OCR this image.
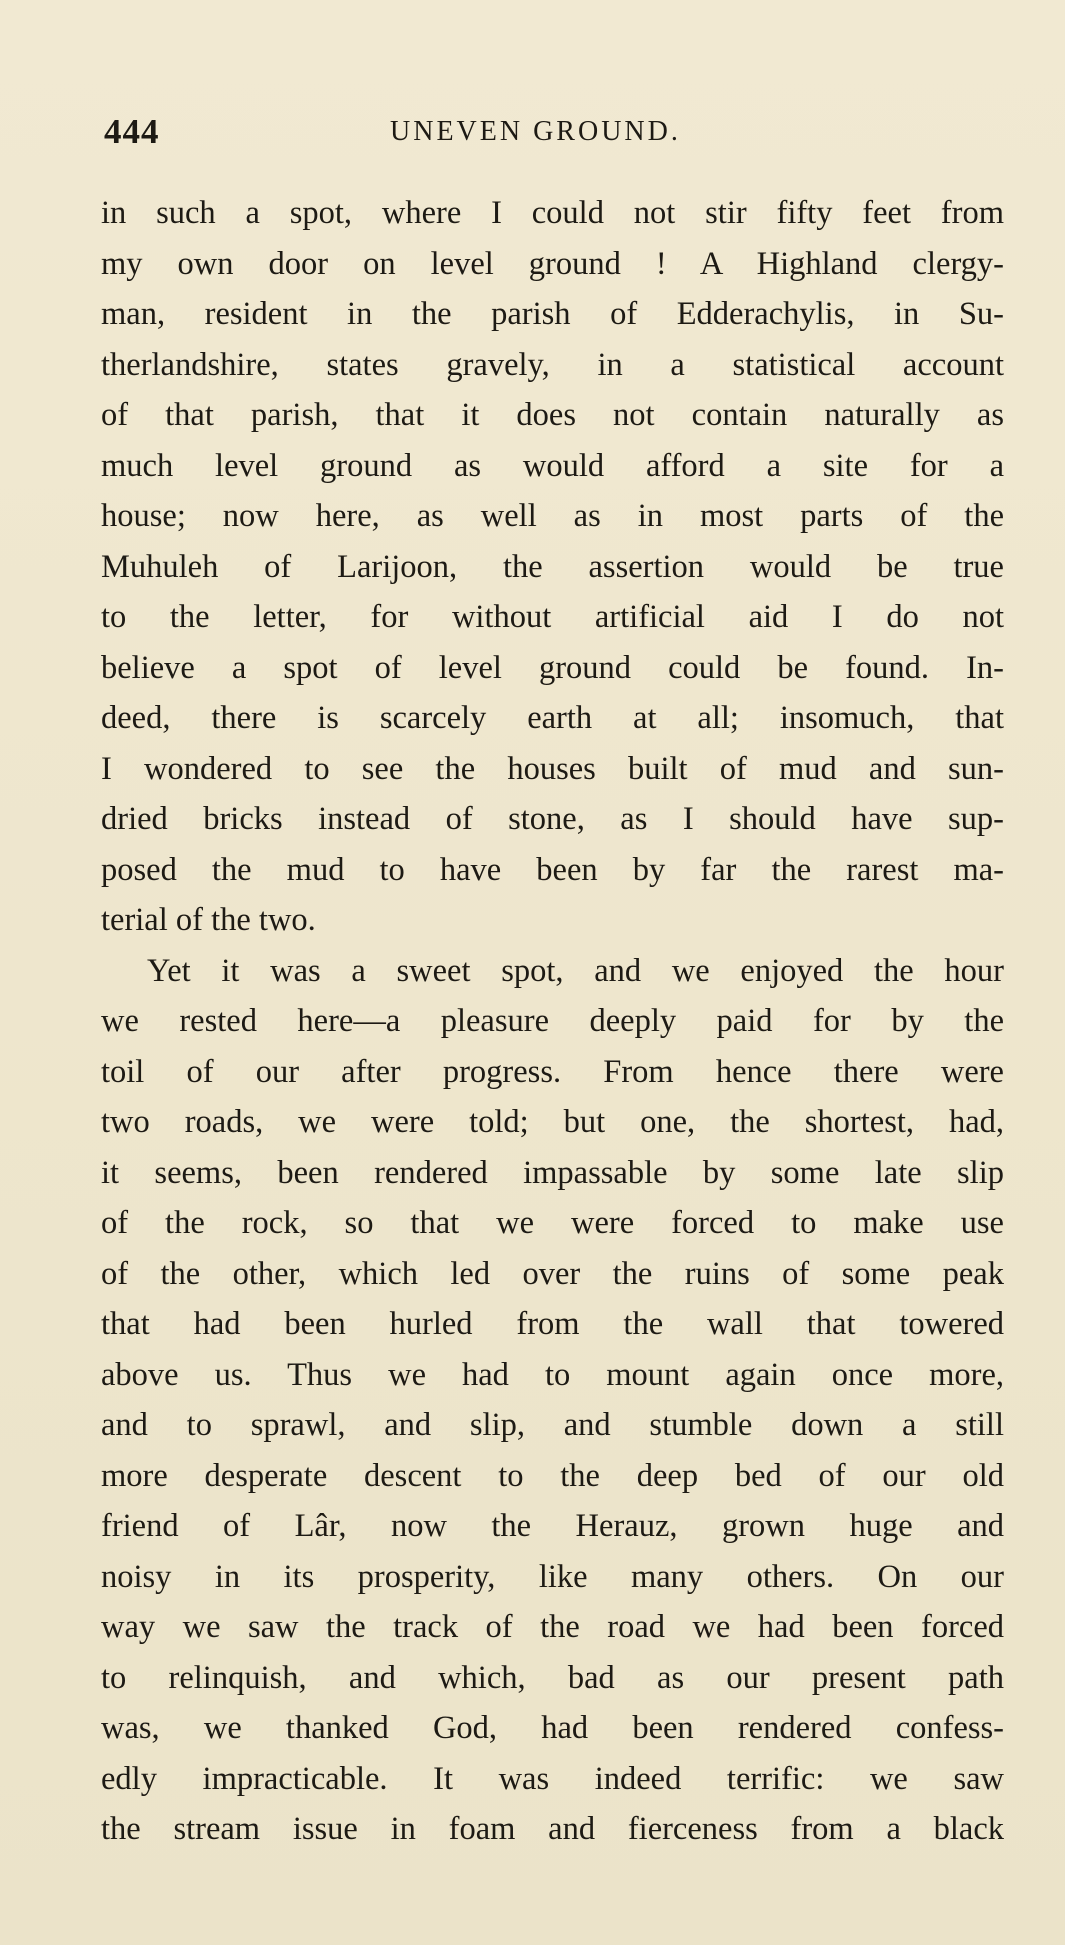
444	UNEVEN GROUND.
in such a spot, where I could not stir fifty feet from
my own door on level ground ! A Highland clergy-
man, resident in the parish of Edderachylis, in Su-
therlandshire, states gravely, in a statistical account
of that parish, that it does not contain naturally as
much level ground as would afford a site for a
house; now here, as well as in most parts of the
Muhuleh of Larijoon, the assertion would be true
to the letter, for without artificial aid I do not
believe a spot of level ground could be found. In-
deed, there is scarcely earth at all; insomuch, that
I wondered to see the houses built of mud and sun-
dried bricks instead of stone, as I should have sup-
posed the mud to have been by far the rarest ma-
terial of the two.
Yet it was a sweet spot, and we enjoyed the hour
we rested here—a pleasure deeply paid for by the
toil of our after progress. From hence there were
two roads, we were told; but one, the shortest, had,
it seems, been rendered impassable by some late slip
of the rock, so that we were forced to make use
of the other, which led over the ruins of some peak
that had been hurled from the wall that towered
above us. Thus we had to mount again once more,
and to sprawl, and slip, and stumble down a still
more desperate descent to the deep bed of our old
friend of Lâr, now the Herauz, grown huge and
noisy in its prosperity, like many others. On our
way we saw the track of the road we had been forced
to relinquish, and which, bad as our present path
was, we thanked God, had been rendered confess-
edly impracticable. It was indeed terrific: we saw
the stream issue in foam and fierceness from a black
